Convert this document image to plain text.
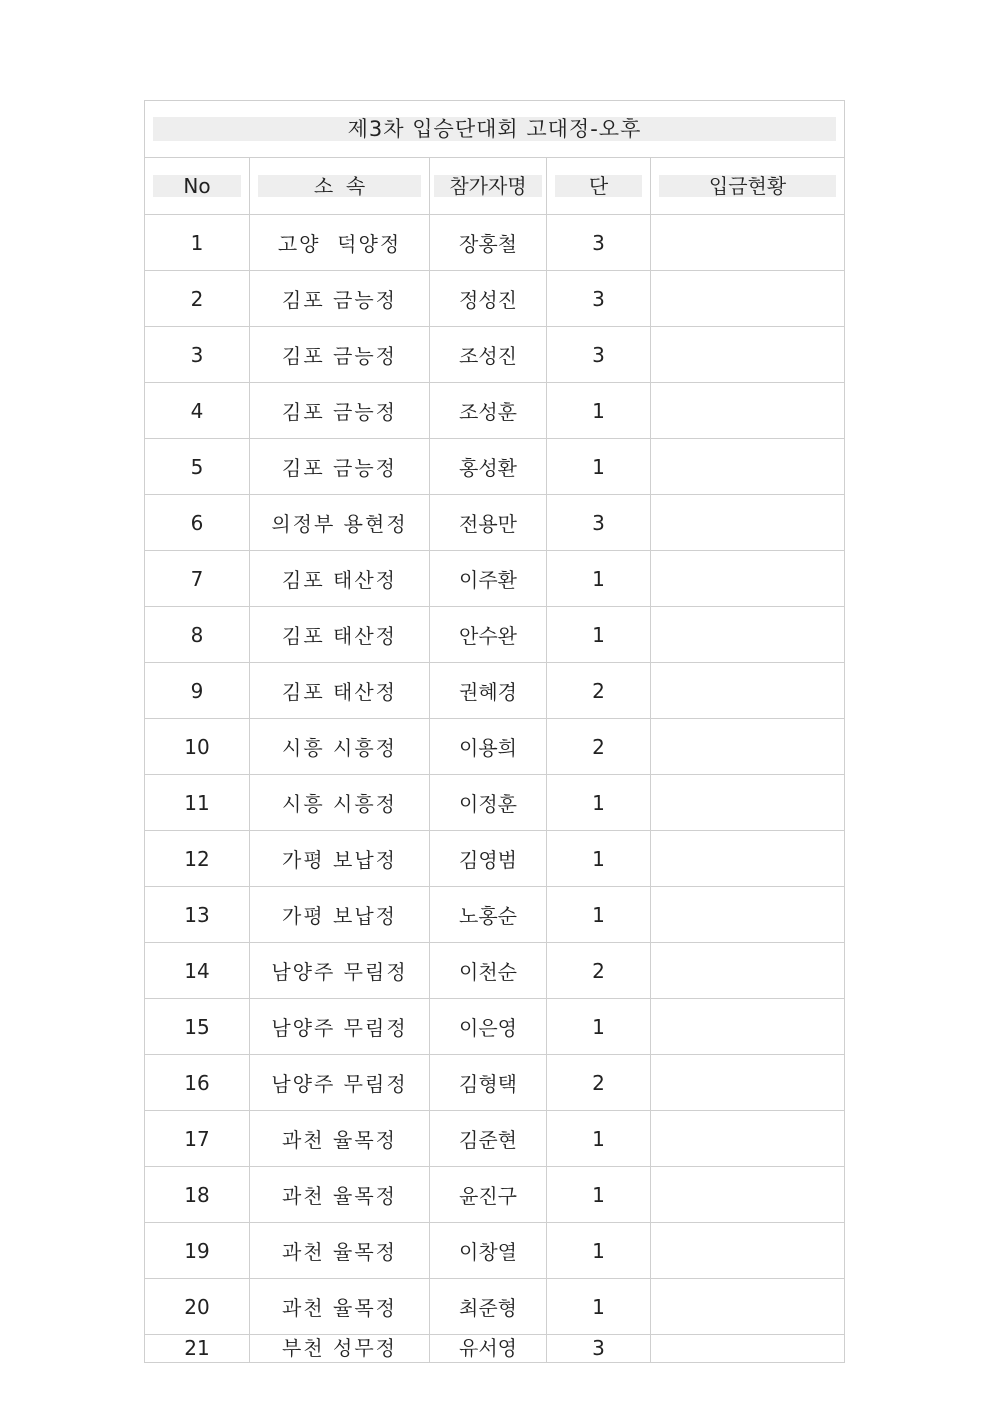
제3차 입승단대회 고대정-오후				

No	소  속	참가자명	단	입금현황

1	고양  덕양정	장홍철	3	
2	김포 금능정	정성진	3	
3	김포 금능정	조성진	3	
4	김포 금능정	조성훈	1	
5	김포 금능정	홍성환	1	
6	의정부 용현정	전용만	3	
7	김포 태산정	이주환	1	
8	김포 태산정	안수완	1	
9	김포 태산정	권혜경	2	
10	시흥 시흥정	이용희	2	
11	시흥 시흥정	이정훈	1	
12	가평 보납정	김영범	1	
13	가평 보납정	노홍순	1	
14	남양주 무림정	이천순	2	
15	남양주 무림정	이은영	1	
16	남양주 무림정	김형택	2	
17	과천 율목정	김준현	1	
18	과천 율목정	윤진구	1	
19	과천 율목정	이창열	1	
20	과천 율목정	최준형	1	
21	부천 성무정	유서영	3	
